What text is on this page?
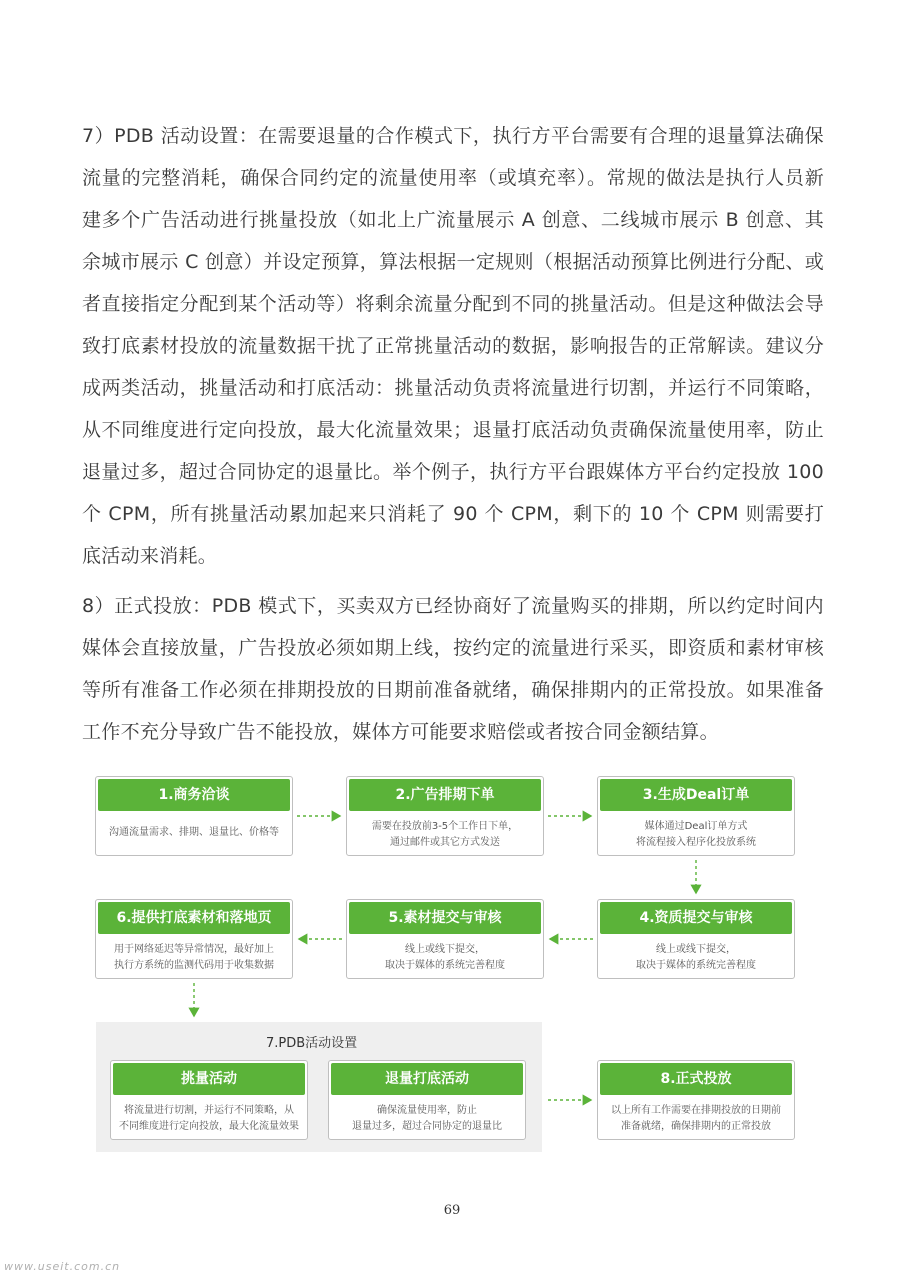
7）PDB 活动设置：在需要退量的合作模式下，执行方平台需要有合理的退量算法确保流量的完整消耗，确保合同约定的流量使用率（或填充率）。常规的做法是执行人员新建多个广告活动进行挑量投放（如北上广流量展示 A 创意、二线城市展示 B 创意、其余城市展示 C 创意）并设定预算，算法根据一定规则（根据活动预算比例进行分配、或者直接指定分配到某个活动等）将剩余流量分配到不同的挑量活动。但是这种做法会导致打底素材投放的流量数据干扰了正常挑量活动的数据，影响报告的正常解读。建议分成两类活动，挑量活动和打底活动：挑量活动负责将流量进行切割，并运行不同策略，从不同维度进行定向投放，最大化流量效果；退量打底活动负责确保流量使用率，防止退量过多，超过合同协定的退量比。举个例子，执行方平台跟媒体方平台约定投放 100 个 CPM，所有挑量活动累加起来只消耗了 90 个 CPM，剩下的 10 个 CPM 则需要打底活动来消耗。

8）正式投放：PDB 模式下，买卖双方已经协商好了流量购买的排期，所以约定时间内媒体会直接放量，广告投放必须如期上线，按约定的流量进行采买，即资质和素材审核等所有准备工作必须在排期投放的日期前准备就绪，确保排期内的正常投放。如果准备工作不充分导致广告不能投放，媒体方可能要求赔偿或者按合同金额结算。

7.PDB活动设置
1.商务洽谈
沟通流量需求、排期、退量比、价格等
2.广告排期下单
需要在投放前3-5个工作日下单，
通过邮件或其它方式发送
3.生成Deal订单
媒体通过Deal订单方式
将流程接入程序化投放系统
6.提供打底素材和落地页
用于网络延迟等异常情况，最好加上
执行方系统的监测代码用于收集数据
5.素材提交与审核
线上或线下提交，
取决于媒体的系统完善程度
4.资质提交与审核
线上或线下提交，
取决于媒体的系统完善程度
挑量活动
将流量进行切割，并运行不同策略，从
不同维度进行定向投放，最大化流量效果
退量打底活动
确保流量使用率，防止
退量过多，超过合同协定的退量比
8.正式投放
以上所有工作需要在排期投放的日期前
准备就绪，确保排期内的正常投放
69
www.useit.com.cn
